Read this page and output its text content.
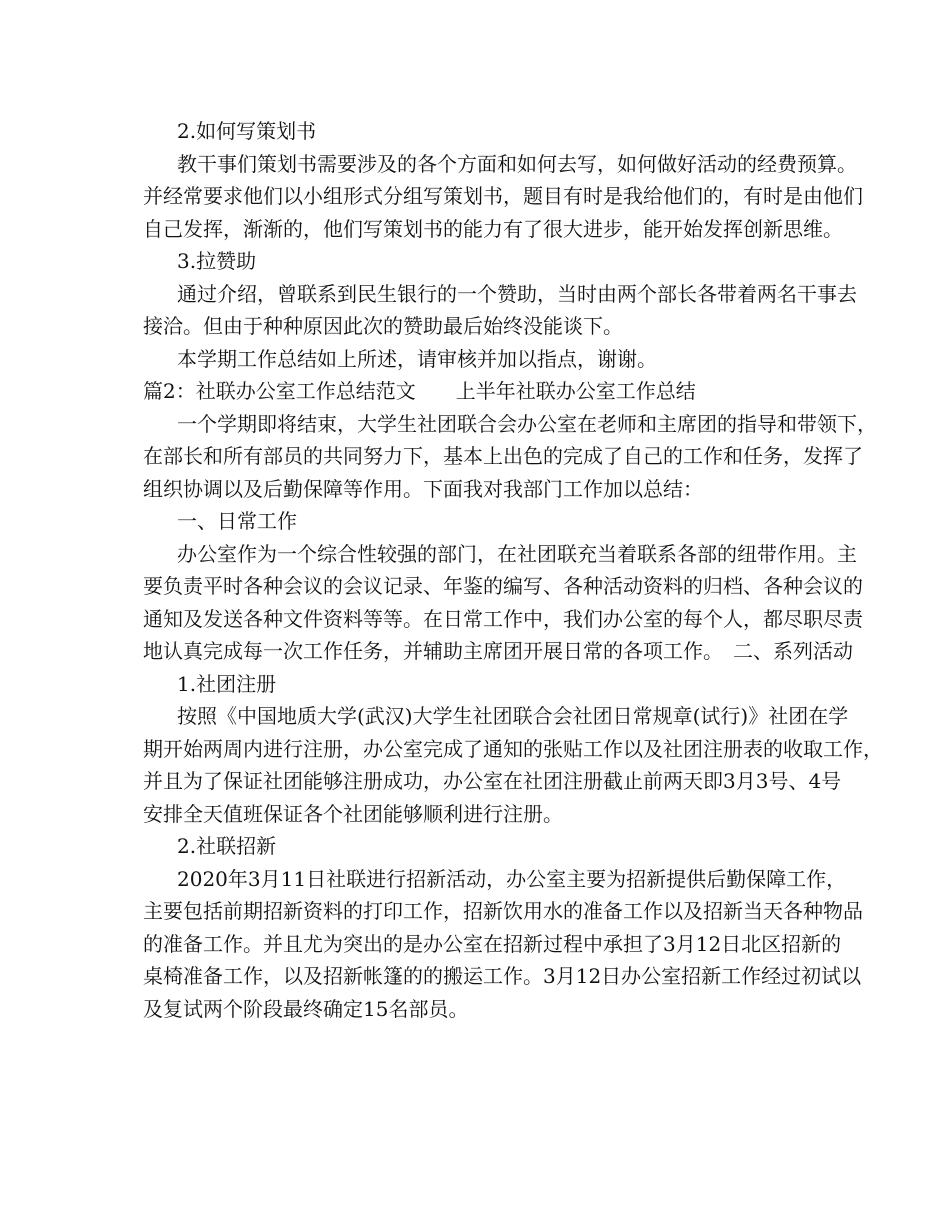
2.如何写策划书
教干事们策划书需要涉及的各个方面和如何去写，如何做好活动的经费预算。
并经常要求他们以小组形式分组写策划书，题目有时是我给他们的，有时是由他们
自己发挥，渐渐的，他们写策划书的能力有了很大进步，能开始发挥创新思维。
3.拉赞助
通过介绍，曾联系到民生银行的一个赞助，当时由两个部长各带着两名干事去
接洽。但由于种种原因此次的赞助最后始终没能谈下。
本学期工作总结如上所述，请审核并加以指点，谢谢。
篇2：社联办公室工作总结范文　　上半年社联办公室工作总结
一个学期即将结束，大学生社团联合会办公室在老师和主席团的指导和带领下，
在部长和所有部员的共同努力下，基本上出色的完成了自己的工作和任务，发挥了
组织协调以及后勤保障等作用。下面我对我部门工作加以总结：
一、日常工作
办公室作为一个综合性较强的部门，在社团联充当着联系各部的纽带作用。主
要负责平时各种会议的会议记录、年鉴的编写、各种活动资料的归档、各种会议的
通知及发送各种文件资料等等。在日常工作中，我们办公室的每个人，都尽职尽责
地认真完成每一次工作任务，并辅助主席团开展日常的各项工作。　二、系列活动
1.社团注册
按照《中国地质大学(武汉)大学生社团联合会社团日常规章(试行)》社团在学
期开始两周内进行注册，办公室完成了通知的张贴工作以及社团注册表的收取工作，
并且为了保证社团能够注册成功，办公室在社团注册截止前两天即3月3号、4号
安排全天值班保证各个社团能够顺利进行注册。
2.社联招新
2020年3月11日社联进行招新活动，办公室主要为招新提供后勤保障工作，
主要包括前期招新资料的打印工作，招新饮用水的准备工作以及招新当天各种物品
的准备工作。并且尤为突出的是办公室在招新过程中承担了3月12日北区招新的
桌椅准备工作，以及招新帐篷的的搬运工作。3月12日办公室招新工作经过初试以
及复试两个阶段最终确定15名部员。
